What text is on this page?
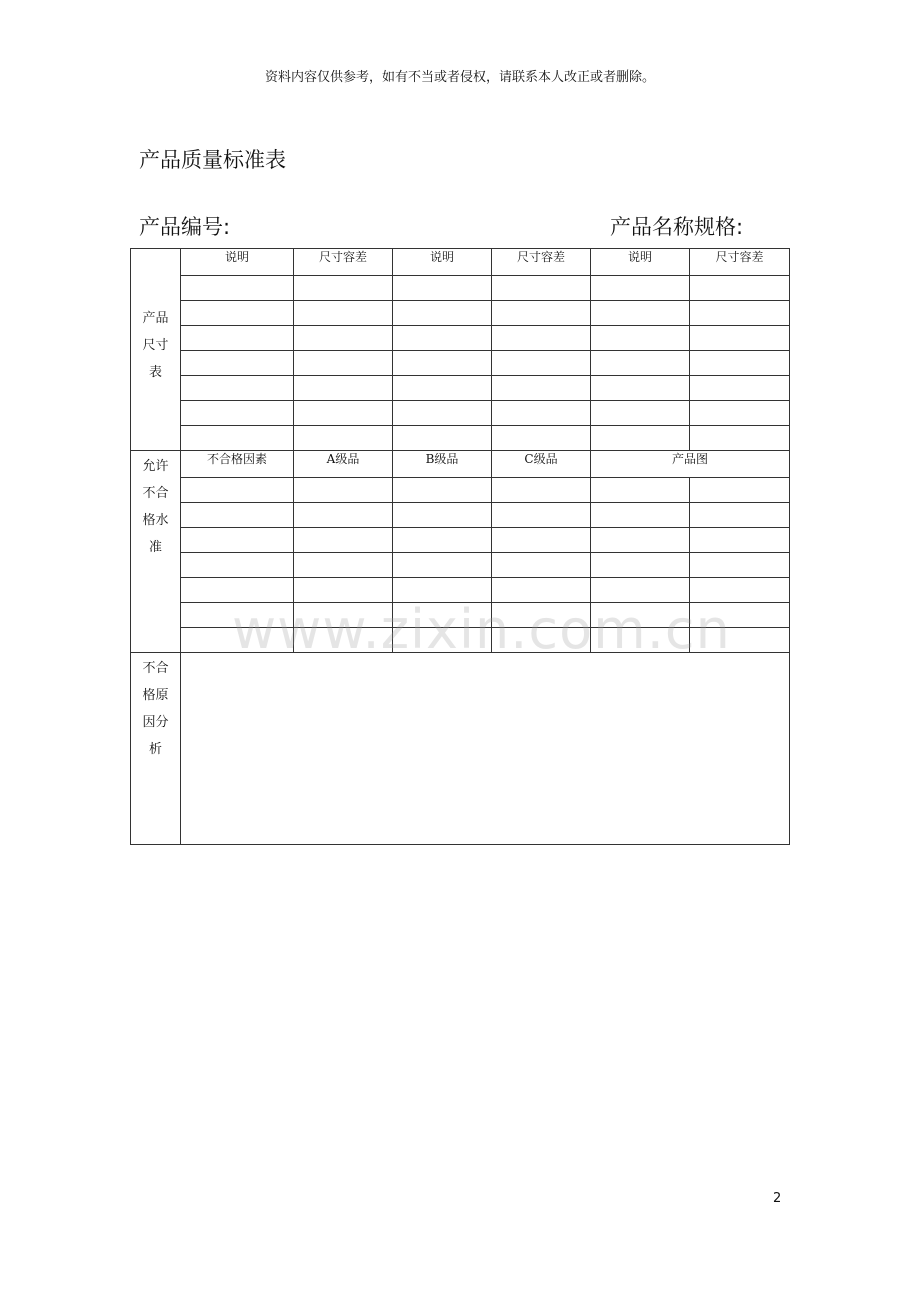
资料内容仅供参考，如有不当或者侵权，请联系本人改正或者删除。
产品质量标准表
产品编号:	产品名称规格:
产品
尺寸
表	说明	尺寸容差	说明	尺寸容差	说明	尺寸容差

允许
不合
格水
准	不合格因素	A级品	B级品	C级品	产品图	

不合
格原
因分
析						

www.zixin.com.cn
2
